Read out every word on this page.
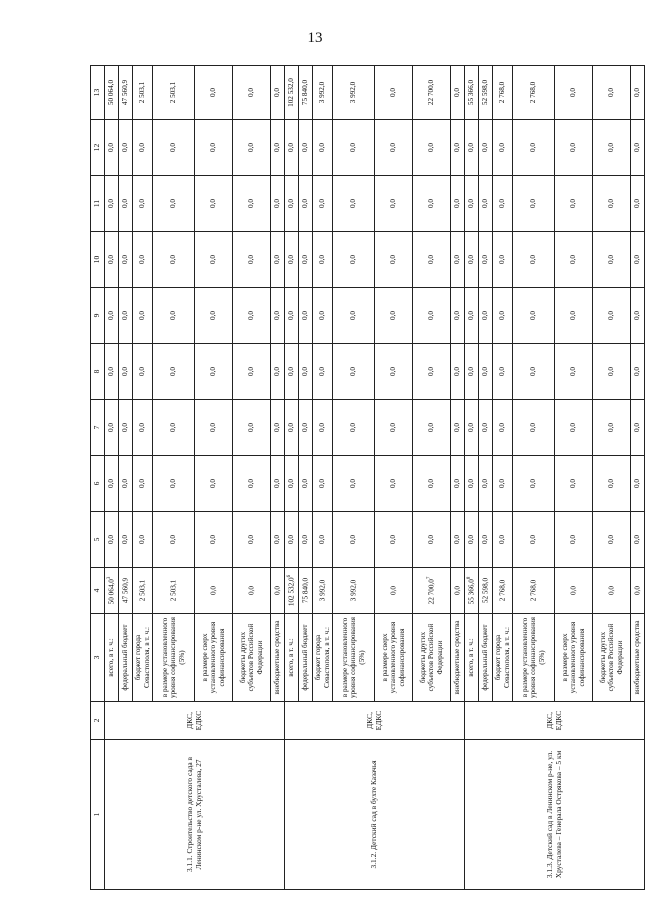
13
1	2	3	4	5	6	7	8	9	10	11	12	13
3.1.1. Строительство детского сада в Ленинском р-не ул. Хрусталева, 27	ДКС, ЕДКС	всего, в т. ч.:	50 064,0$^3$	0,0	0,0	0,0	0,0	0,0	0,0	0,0	0,0	50 064,0
		федеральный бюджет	47 560,9	0,0	0,0	0,0	0,0	0,0	0,0	0,0	0,0	47 560,9
		бюджет города Севастополя, в т. ч.:	2 503,1	0,0	0,0	0,0	0,0	0,0	0,0	0,0	0,0	2 503,1
		в размере установленного уровня софинансирования (5%)	2 503,1	0,0	0,0	0,0	0,0	0,0	0,0	0,0	0,0	2 503,1
		в размере сверх установленного уровня софинансирования	0,0	0,0	0,0	0,0	0,0	0,0	0,0	0,0	0,0	0,0
		бюджеты других субъектов Российской Федерации	0,0	0,0	0,0	0,0	0,0	0,0	0,0	0,0	0,0	0,0
		внебюджетные средства	0,0	0,0	0,0	0,0	0,0	0,0	0,0	0,0	0,0	0,0
3.1.2. Детский сад в бухте Казачья	ДКС, ЕДКС	всего, в т. ч.:	102 532,0$^6$	0,0	0,0	0,0	0,0	0,0	0,0	0,0	0,0	102 532,0
		федеральный бюджет	75 840,0	0,0	0,0	0,0	0,0	0,0	0,0	0,0	0,0	75 840,0
		бюджет города Севастополя, в т. ч.:	3 992,0	0,0	0,0	0,0	0,0	0,0	0,0	0,0	0,0	3 992,0
		в размере установленного уровня софинансирования (5%)	3 992,0	0,0	0,0	0,0	0,0	0,0	0,0	0,0	0,0	3 992,0
		в размере сверх установленного уровня софинансирования	0,0	0,0	0,0	0,0	0,0	0,0	0,0	0,0	0,0	0,0
		бюджеты других субъектов Российской Федерации	22 700,0$^7$	0,0	0,0	0,0	0,0	0,0	0,0	0,0	0,0	22 700,0
		внебюджетные средства	0,0	0,0	0,0	0,0	0,0	0,0	0,0	0,0	0,0	0,0
3.1.3. Детский сад в Ленинском р-не, ул. Хрусталева – Генерала Острякова – 5 км	ДКС, ЕДКС	всего, в т. ч.:	55 366,0$^8$	0,0	0,0	0,0	0,0	0,0	0,0	0,0	0,0	55 366,0
		федеральный бюджет	52 598,0	0,0	0,0	0,0	0,0	0,0	0,0	0,0	0,0	52 598,0
		бюджет города Севастополя, в т. ч.:	2 768,0	0,0	0,0	0,0	0,0	0,0	0,0	0,0	0,0	2 768,0
		в размере установленного уровня софинансирования (5%)	2 768,0	0,0	0,0	0,0	0,0	0,0	0,0	0,0	0,0	2 768,0
		в размере сверх установленного уровня софинансирования	0,0	0,0	0,0	0,0	0,0	0,0	0,0	0,0	0,0	0,0
		бюджеты других субъектов Российской Федерации	0,0	0,0	0,0	0,0	0,0	0,0	0,0	0,0	0,0	0,0
		внебюджетные средства	0,0	0,0	0,0	0,0	0,0	0,0	0,0	0,0	0,0	0,0
